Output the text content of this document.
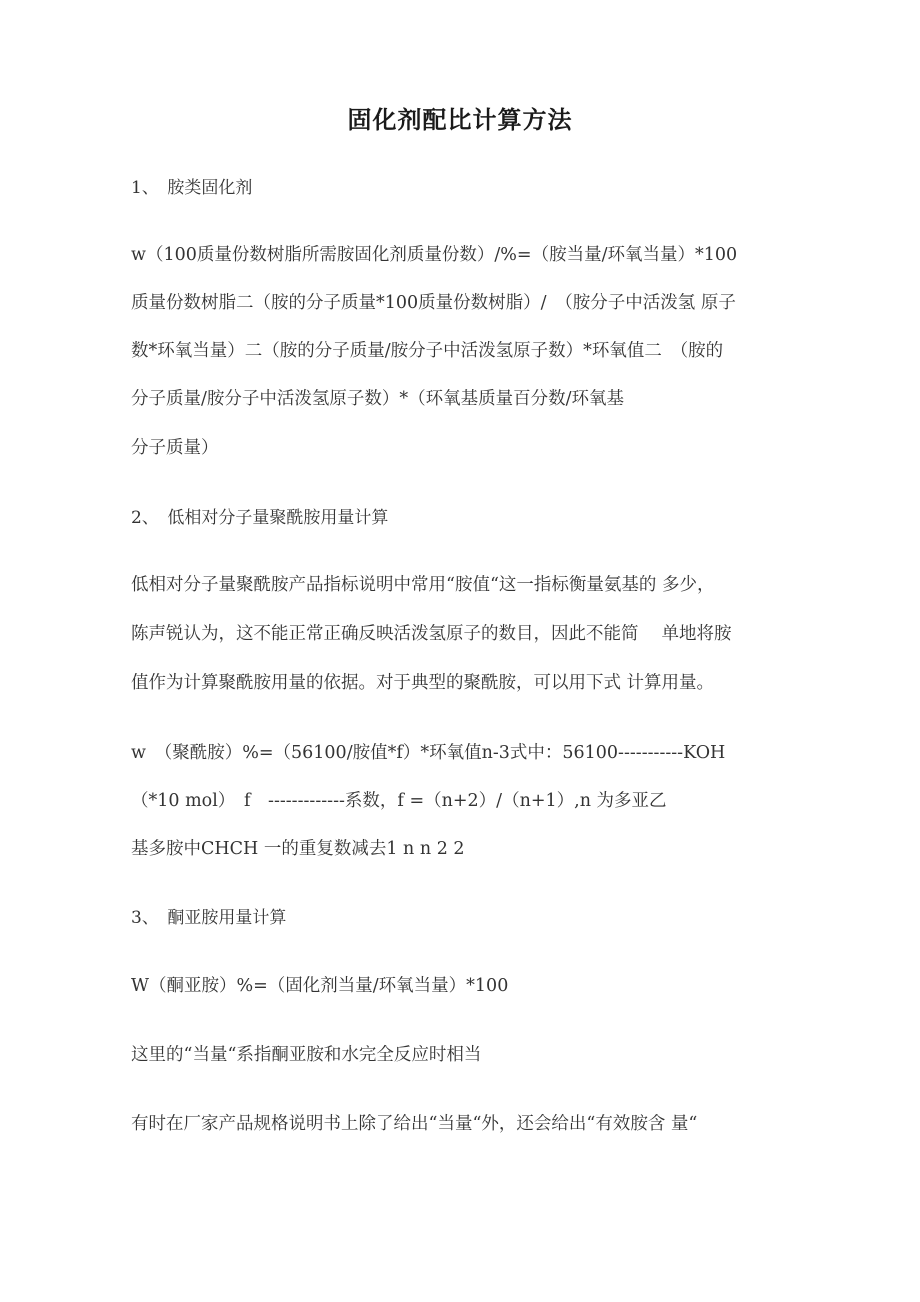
固化剂配比计算方法
1、　胺类固化剂
w（100质量份数树脂所需胺固化剂质量份数）/%=（胺当量/环氧当量）*100
质量份数树脂二（胺的分子质量*100质量份数树脂）/　（胺分子中活泼氢 原子
数*环氧当量）二（胺的分子质量/胺分子中活泼氢原子数）*环氧值二　（胺的
分子质量/胺分子中活泼氢原子数）*（环氧基质量百分数/环氧基
分子质量）
2、　低相对分子量聚酰胺用量计算
低相对分子量聚酰胺产品指标说明中常用“胺值“这一指标衡量氨基的 多少，
陈声锐认为，这不能正常正确反映活泼氢原子的数目，因此不能简　 单地将胺
值作为计算聚酰胺用量的依据。对于典型的聚酰胺，可以用下式 计算用量。
w　（聚酰胺）%=（56100/胺值*f）*环氧值n-3式中：56100-----------KOH
（*10 mol）　f　-------------系数，f =（n+2）/（n+1）,n 为多亚乙
基多胺中CHCH 一的重复数减去1 n n 2 2
3、　酮亚胺用量计算
W（酮亚胺）%=（固化剂当量/环氧当量）*100
这里的“当量“系指酮亚胺和水完全反应时相当
有时在厂家产品规格说明书上除了给出“当量“外，还会给出“有效胺含 量“
